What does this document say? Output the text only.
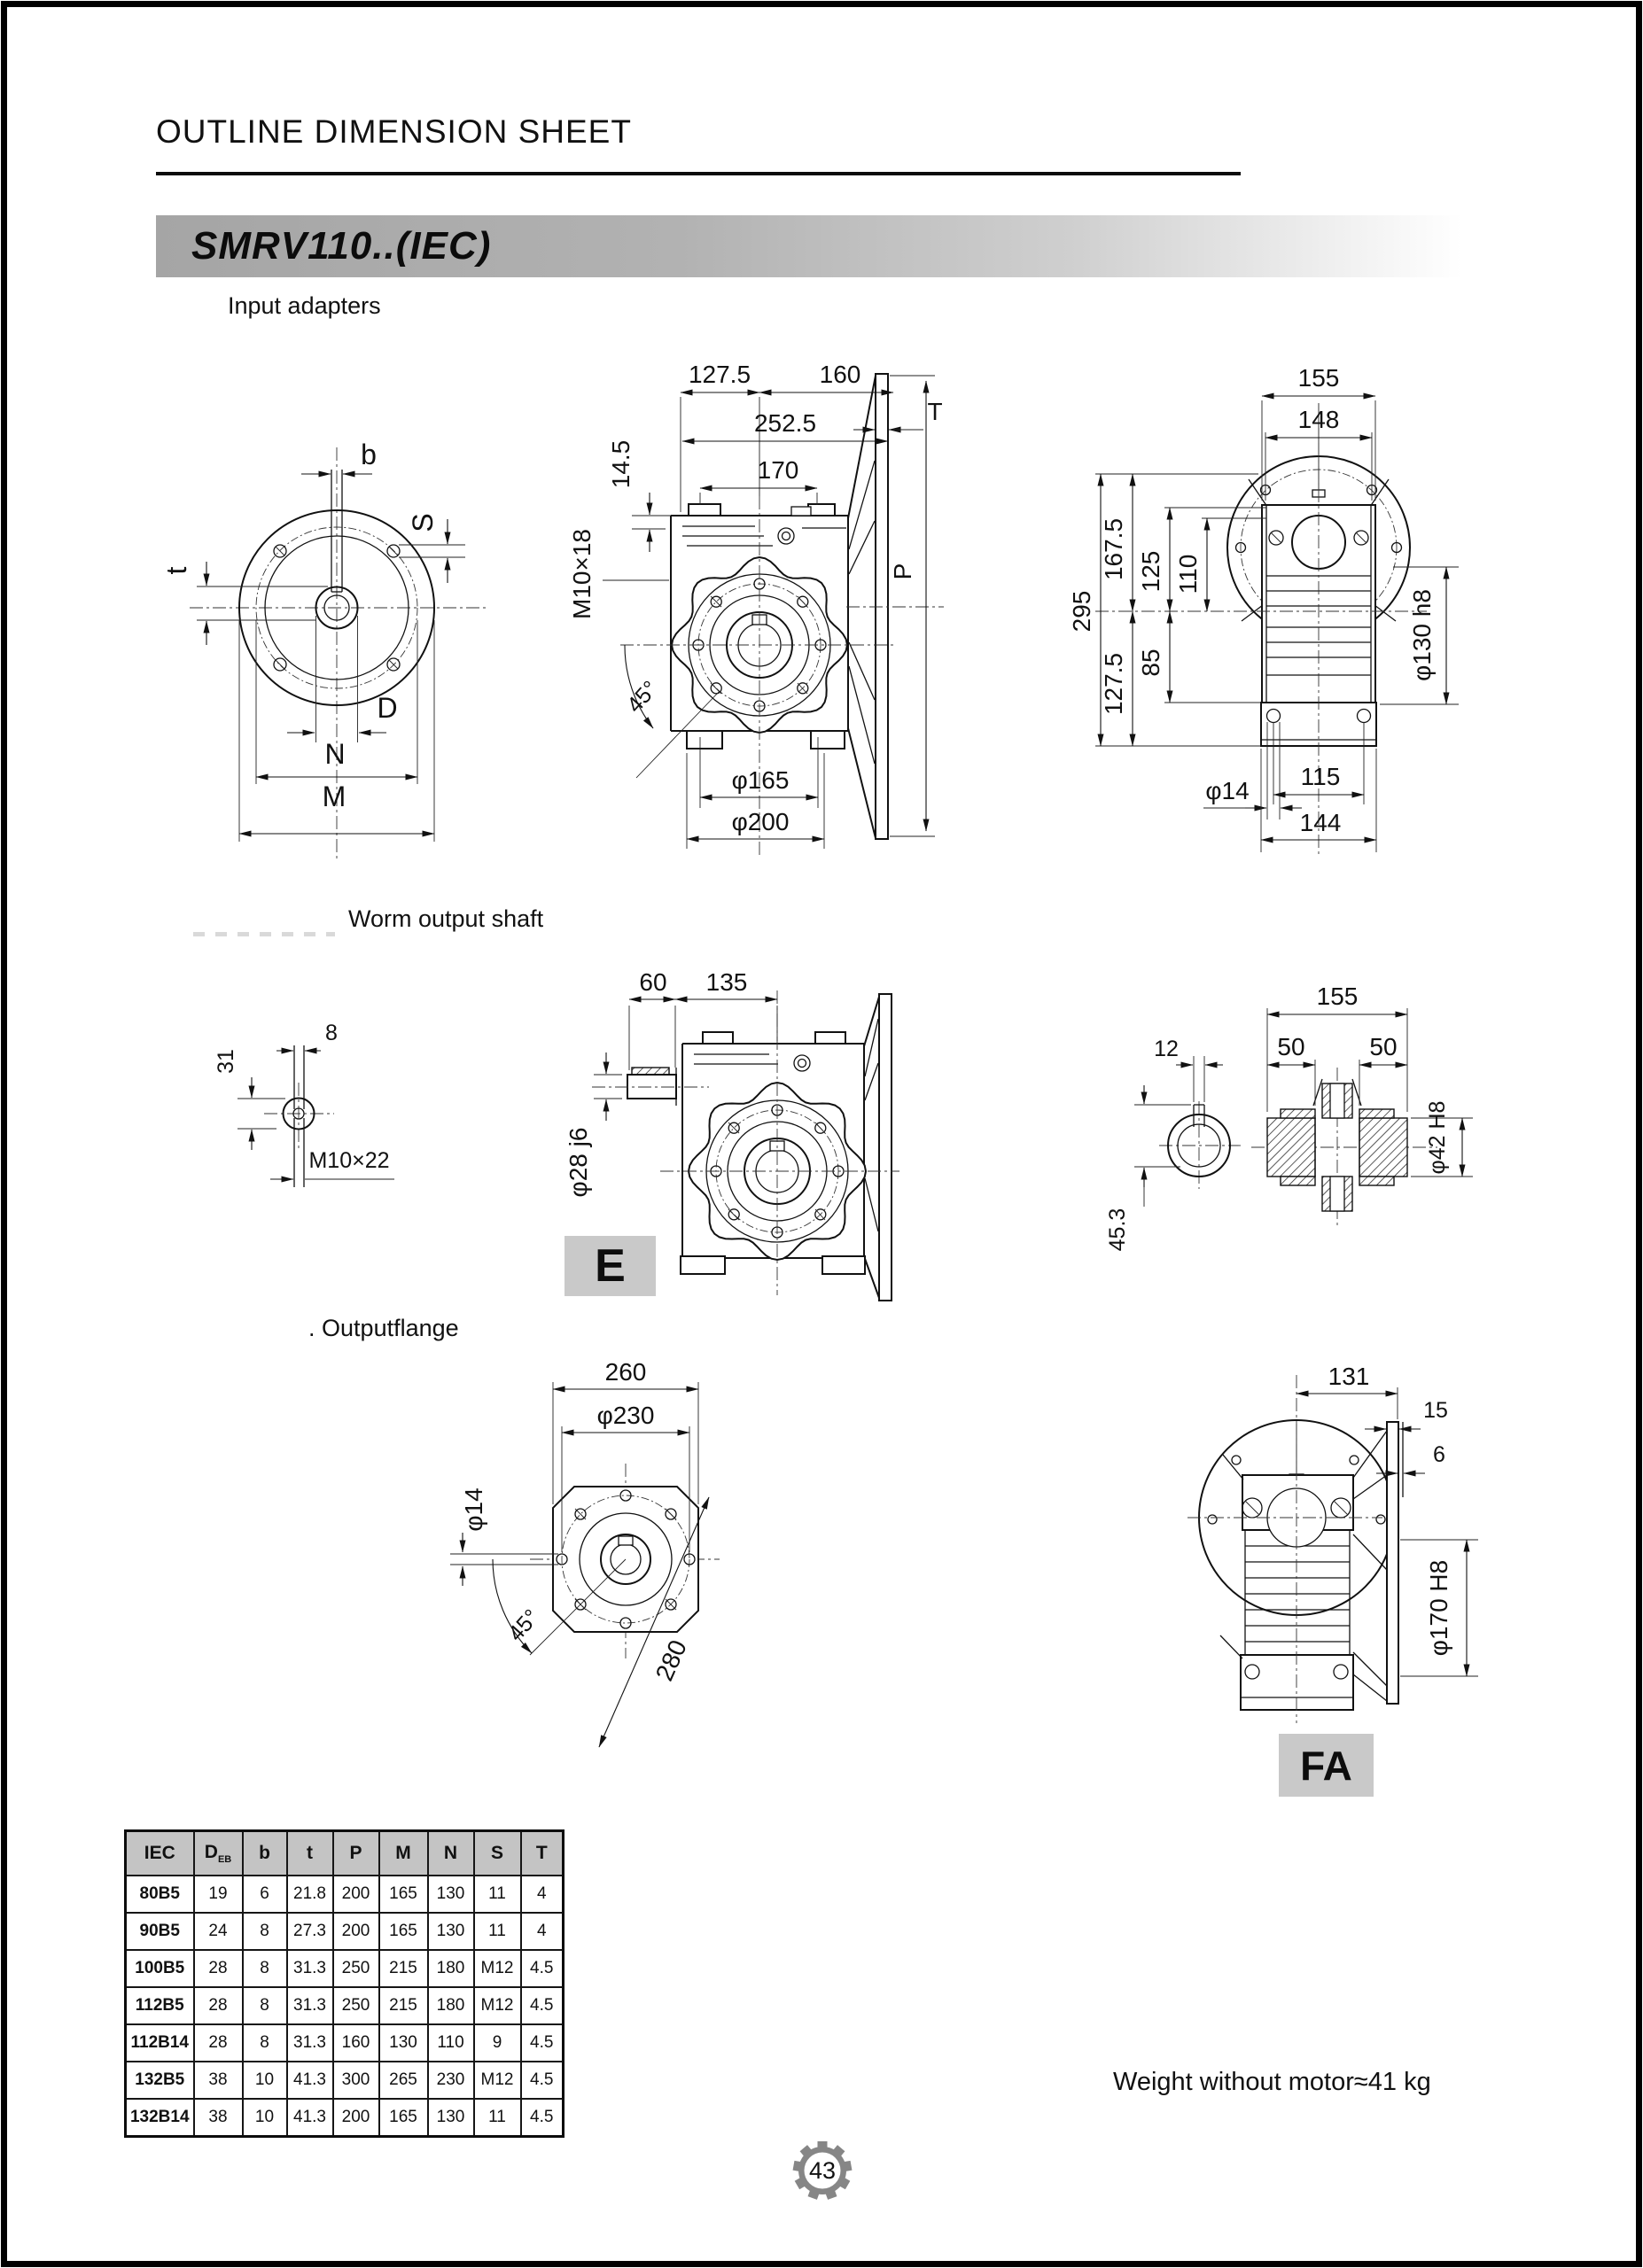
OUTLINE DIMENSION SHEET
SMRV110..(IEC)
Input adapters
Worm output shaft
. Outputflange
b
S
t
D
N
M
127.5	160
252.5
170
14.5
M10×18
T
P
45°
φ165
φ200
155
148
295
167.5 125 110
85
127.5
φ130 h8
φ14
115
144
8
31
M10×22
60 135
φ28 j6
12
155
50	50
φ42 H8
45.3
260
φ230
φ14
45°
280
131
15
6
φ170 H8
E
FA
IEC	$D_{EB}$	b	t	P	M	N	S	T
80B5	19	6	21.8	200	165	130	11	4
90B5	24	8	27.3	200	165	130	11	4
100B5	28	8	31.3	250	215	180	M12	4.5
112B5	28	8	31.3	250	215	180	M12	4.5
112B14	28	8	31.3	160	130	110	9	4.5
132B5	38	10	41.3	300	265	230	M12	4.5
132B14	38	10	41.3	200	165	130	11	4.5
Weight without motor≈41 kg
43
